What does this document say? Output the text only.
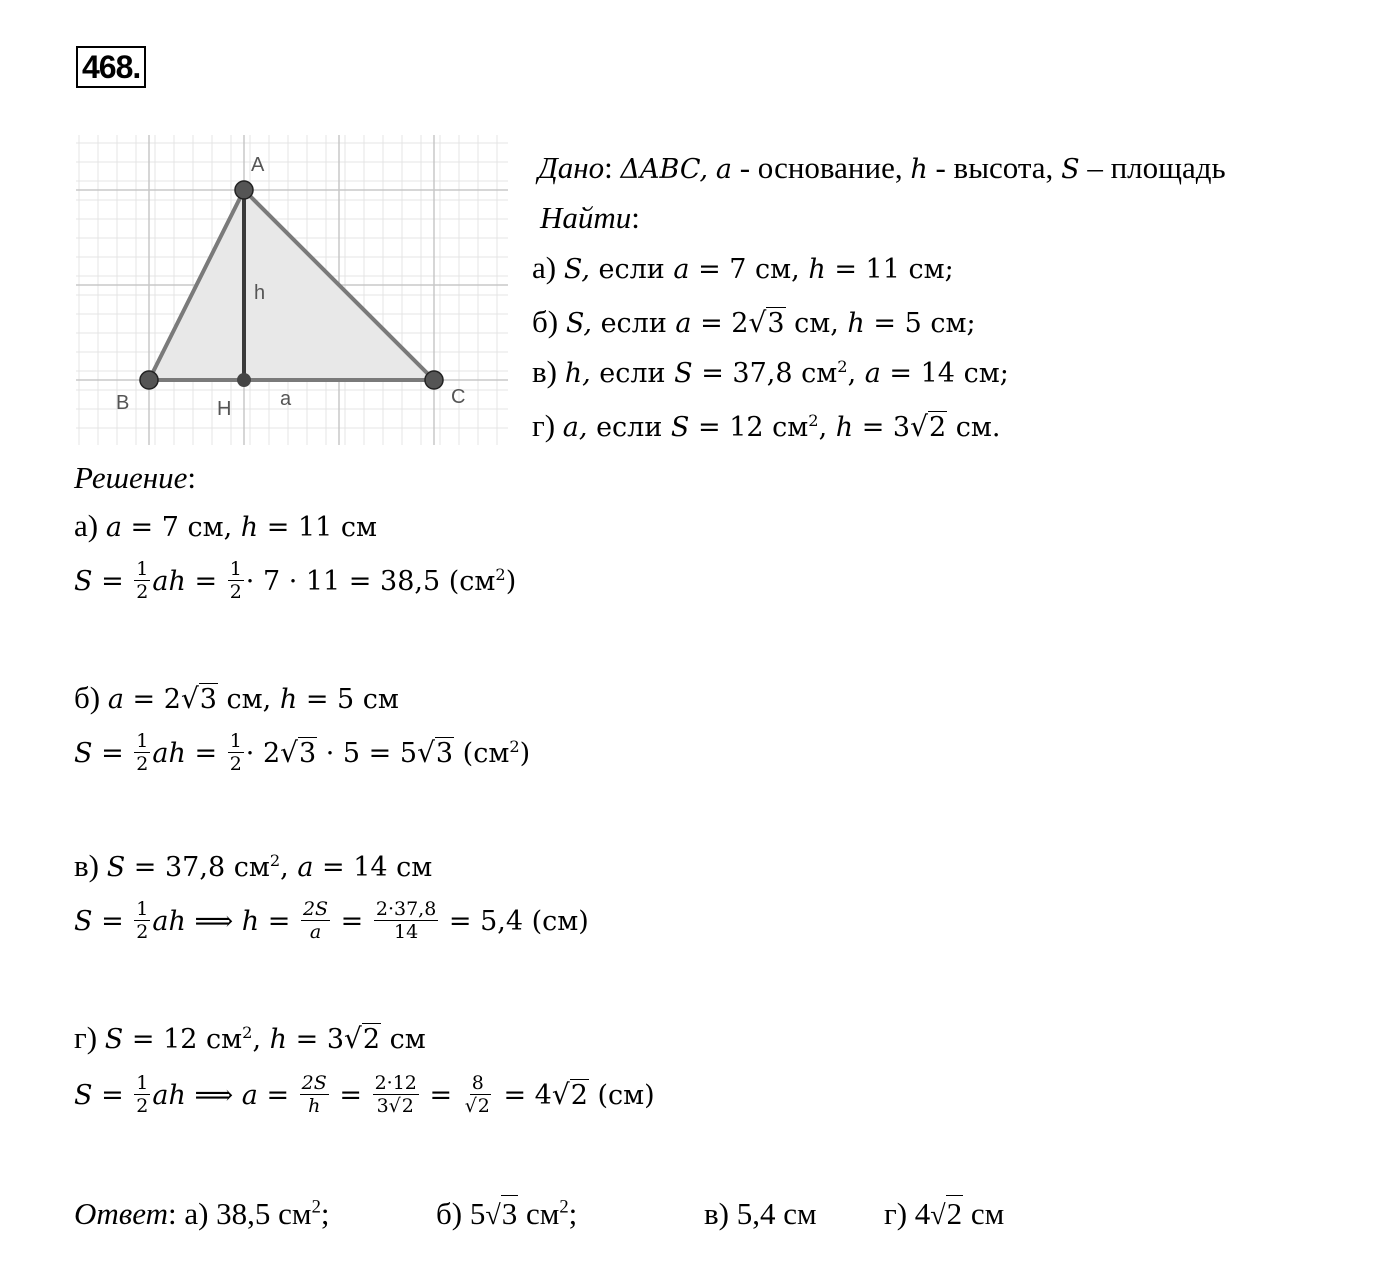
468.
A
B	C
H
h
a
Дано: ΔABC, a - основание, h - высота, S – площадь
Найти:
а) S, если a = 7 см, h = 11 см;
б) S, если a = 2√3 см, h = 5 см;
в) h, если S = 37,8 $см^2$, a = 14 см;
г) a, если S = 12 $см^2$, h = 3√2 см.
Решение:
а) a = 7 см, h = 11 см
$S = \frac{1}{2}$ ah = $\frac{1}{2} \cdot 7 \cdot 11 = 38,5$ $(см^2)$
б) a = 2√3 см, h = 5 см
$S = \frac{1}{2}$ ah = $\frac{1}{2} \cdot 2√3 \cdot 5 = 5√3$ $(см^2)$
в) S = 37,8 $см^2$, a = 14 см
$S = \frac{1}{2}$ ah ⟹ $h = \frac{2S}{a} = \frac{2\cdot 37,8}{14} = 5,4$ (см)
г) S = 12 $см^2$, h = 3√2 см
$S = \frac{1}{2}$ ah ⟹ $a = \frac{2S}{h} = \frac{2\cdot 12}{3√2} = \frac{8}{√2} = 4√2$ (см)
Ответ: а) 38,5 $см^2$;	б) 5√3 $см^2$;	в) 5,4 см г) 4√2 см
